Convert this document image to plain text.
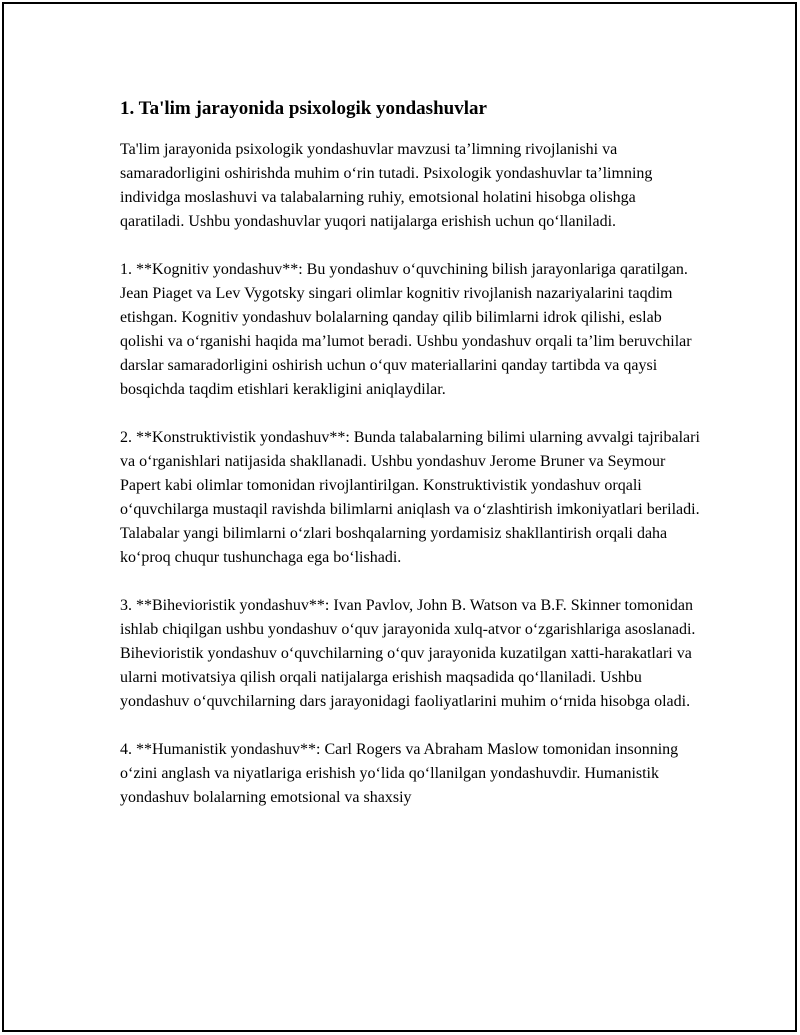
1. Ta'lim jarayonida psixologik yondashuvlar

Ta'lim jarayonida psixologik yondashuvlar mavzusi ta’limning rivojlanishi va samaradorligini oshirishda muhim o‘rin tutadi. Psixologik yondashuvlar ta’limning individga moslashuvi va talabalarning ruhiy, emotsional holatini hisobga olishga qaratiladi. Ushbu yondashuvlar yuqori natijalarga erishish uchun qo‘llaniladi.

1. **Kognitiv yondashuv**: Bu yondashuv o‘quvchining bilish jarayonlariga qaratilgan. Jean Piaget va Lev Vygotsky singari olimlar kognitiv rivojlanish nazariyalarini taqdim etishgan. Kognitiv yondashuv bolalarning qanday qilib bilimlarni idrok qilishi, eslab qolishi va o‘rganishi haqida ma’lumot beradi. Ushbu yondashuv orqali ta’lim beruvchilar darslar samaradorligini oshirish uchun o‘quv materiallarini qanday tartibda va qaysi bosqichda taqdim etishlari kerakligini aniqlaydilar.

2. **Konstruktivistik yondashuv**: Bunda talabalarning bilimi ularning avvalgi tajribalari va o‘rganishlari natijasida shakllanadi. Ushbu yondashuv Jerome Bruner va Seymour Papert kabi olimlar tomonidan rivojlantirilgan. Konstruktivistik yondashuv orqali o‘quvchilarga mustaqil ravishda bilimlarni aniqlash va o‘zlashtirish imkoniyatlari beriladi. Talabalar yangi bilimlarni o‘zlari boshqalarning yordamisiz shakllantirish orqali daha ko‘proq chuqur tushunchaga ega bo‘lishadi.

3. **Bihevioristik yondashuv**: Ivan Pavlov, John B. Watson va B.F. Skinner tomonidan ishlab chiqilgan ushbu yondashuv o‘quv jarayonida xulq-atvor o‘zgarishlariga asoslanadi. Bihevioristik yondashuv o‘quvchilarning o‘quv jarayonida kuzatilgan xatti-harakatlari va ularni motivatsiya qilish orqali natijalarga erishish maqsadida qo‘llaniladi. Ushbu yondashuv o‘quvchilarning dars jarayonidagi faoliyatlarini muhim o‘rnida hisobga oladi.

4. **Humanistik yondashuv**: Carl Rogers va Abraham Maslow tomonidan insonning o‘zini anglash va niyatlariga erishish yo‘lida qo‘llanilgan yondashuvdir. Humanistik yondashuv bolalarning emotsional va shaxsiy
